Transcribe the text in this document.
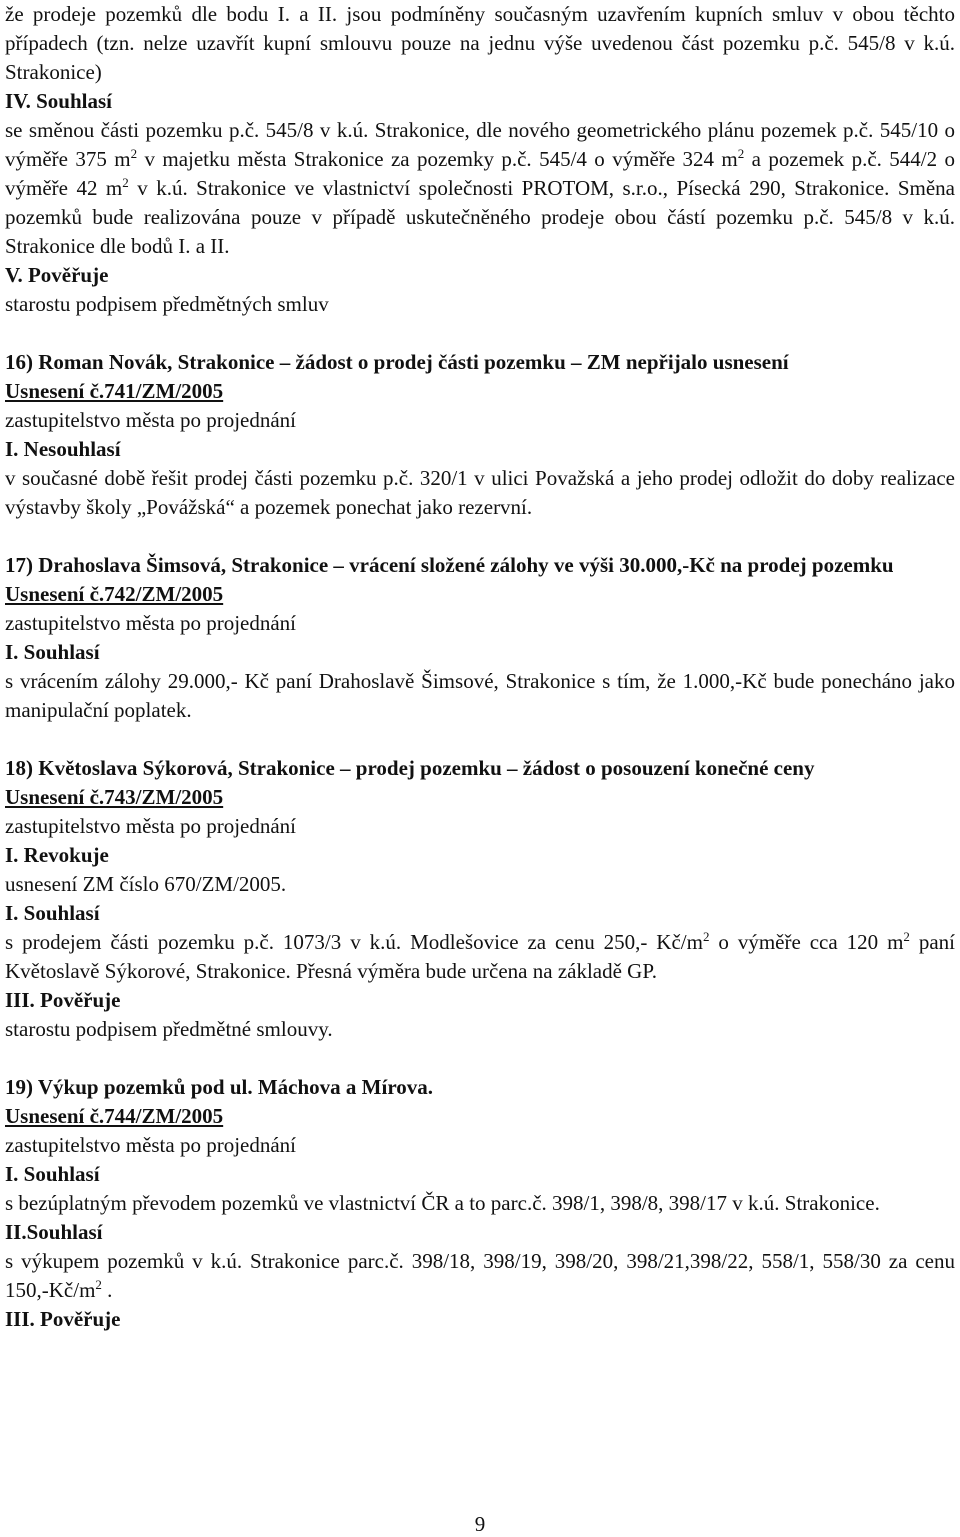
že prodeje pozemků dle bodu I. a II. jsou podmíněny současným uzavřením kupních smluv v obou těchto případech (tzn. nelze uzavřít kupní smlouvu pouze na jednu výše uvedenou část pozemku p.č. 545/8 v k.ú. Strakonice)

IV. Souhlasí

se směnou části pozemku p.č. 545/8 v k.ú. Strakonice, dle nového geometrického plánu pozemek p.č. 545/10 o výměře 375 $m^2$ v majetku města Strakonice za pozemky p.č. 545/4 o výměře 324 $m^2$ a pozemek p.č. 544/2 o výměře 42 $m^2$ v k.ú. Strakonice ve vlastnictví společnosti PROTOM, s.r.o., Písecká 290, Strakonice. Směna pozemků bude realizována pouze v případě uskutečněného prodeje obou částí pozemku p.č. 545/8 v k.ú. Strakonice dle bodů I. a II.

V. Pověřuje

starostu podpisem předmětných smluv

16) Roman Novák, Strakonice – žádost o prodej části pozemku – ZM nepřijalo usnesení

Usnesení č.741/ZM/2005

zastupitelstvo města po projednání

I. Nesouhlasí

v současné době řešit prodej části pozemku p.č. 320/1 v ulici Považská a jeho prodej odložit do doby realizace výstavby školy „Povážská“ a pozemek ponechat jako rezervní.

17) Drahoslava Šimsová, Strakonice – vrácení složené zálohy ve výši 30.000,-Kč na prodej pozemku

Usnesení č.742/ZM/2005

zastupitelstvo města po projednání

I. Souhlasí

s vrácením zálohy 29.000,- Kč paní Drahoslavě Šimsové, Strakonice s tím, že 1.000,-Kč bude ponecháno jako manipulační poplatek.

18) Květoslava Sýkorová, Strakonice – prodej pozemku – žádost o posouzení konečné ceny

Usnesení č.743/ZM/2005

zastupitelstvo města po projednání

I. Revokuje

usnesení ZM číslo 670/ZM/2005.

I. Souhlasí

s prodejem části pozemku p.č. 1073/3 v k.ú. Modlešovice za cenu 250,- $Kč/m^2$ o výměře cca 120 $m^2$ paní Květoslavě Sýkorové, Strakonice. Přesná výměra bude určena na základě GP.

III. Pověřuje

starostu podpisem předmětné smlouvy.

19) Výkup pozemků pod ul. Máchova a Mírova.

Usnesení č.744/ZM/2005

zastupitelstvo města po projednání

I. Souhlasí

s bezúplatným převodem pozemků ve vlastnictví ČR a to parc.č. 398/1, 398/8, 398/17 v k.ú. Strakonice.

II.Souhlasí

s výkupem pozemků v k.ú. Strakonice parc.č. 398/18, 398/19, 398/20, 398/21,398/22, 558/1, 558/30 za cenu $150,-Kč/m^2$ .

III. Pověřuje

9
